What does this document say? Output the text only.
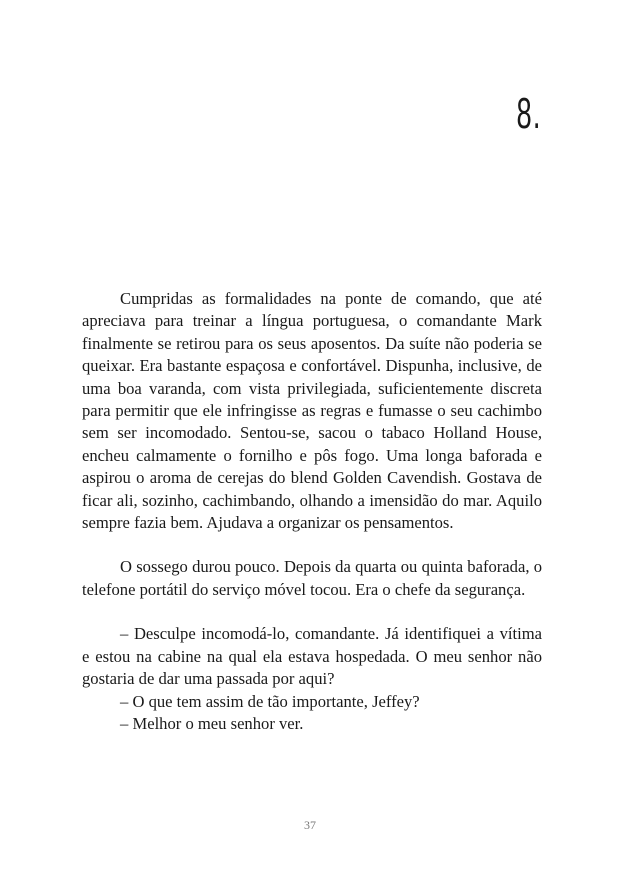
8.

Cumpridas as formalidades na ponte de comando, que até apreciava para treinar a língua portuguesa, o comandante Mark finalmente se retirou para os seus aposentos. Da suíte não poderia se queixar. Era bastante espaçosa e confortável. Dispunha, inclusive, de uma boa varanda, com vista privilegiada, suficientemente discreta para permitir que ele infringisse as regras e fumasse o seu cachimbo sem ser incomodado. Sentou-se, sacou o tabaco Holland House, encheu calmamente o fornilho e pôs fogo. Uma longa baforada e aspirou o aroma de cerejas do blend Golden Cavendish. Gostava de ficar ali, sozinho, cachimbando, olhando a imensidão do mar. Aquilo sempre fazia bem. Ajudava a organizar os pensamentos.

O sossego durou pouco. Depois da quarta ou quinta baforada, o telefone portátil do serviço móvel tocou. Era o chefe da segurança.

– Desculpe incomodá-lo, comandante. Já identifiquei a vítima e estou na cabine na qual ela estava hospedada. O meu senhor não gostaria de dar uma passada por aqui?

– O que tem assim de tão importante, Jeffey?

– Melhor o meu senhor ver.

37
